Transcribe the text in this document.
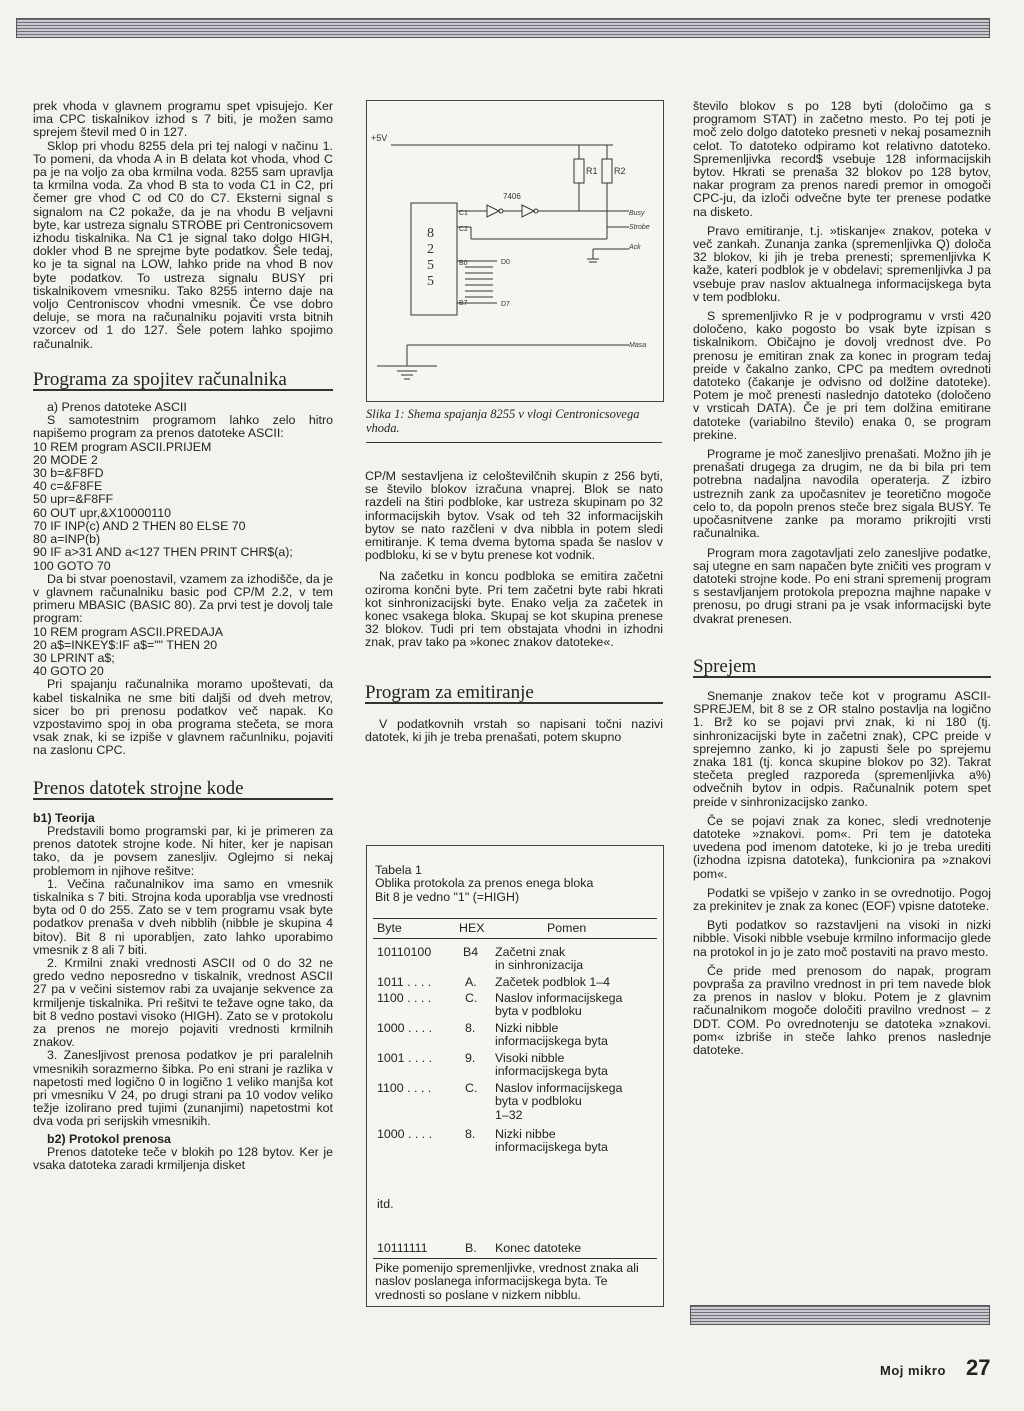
prek vhoda v glavnem programu spet vpisujejo. Ker ima CPC tiskalnikov izhod s 7 biti, je možen samo sprejem števil med 0 in 127.

Sklop pri vhodu 8255 dela pri tej nalogi v načinu 1. To pomeni, da vhoda A in B delata kot vhoda, vhod C pa je na voljo za oba krmilna voda. 8255 sam upravlja ta krmilna voda. Za vhod B sta to voda C1 in C2, pri čemer gre vhod C od C0 do C7. Eksterni signal s signalom na C2 pokaže, da je na vhodu B veljavni byte, kar ustreza signalu STROBE pri Centronicsovem izhodu tiskalnika. Na C1 je signal tako dolgo HIGH, dokler vhod B ne sprejme byte podatkov. Šele tedaj, ko je ta signal na LOW, lahko pride na vhod B nov byte podatkov. To ustreza signalu BUSY pri tiskalnikovem vmesniku. Tako 8255 interno daje na voljo Centroniscov vhodni vmesnik. Če vse dobro deluje, se mora na računalniku pojaviti vrsta bitnih vzorcev od 1 do 127. Šele potem lahko spojimo računalnik.

Programa za spojitev računalnika

a) Prenos datoteke ASCII

S samotestnim programom lahko zelo hitro napišemo program za prenos datoteke ASCII:

10 REM program ASCII.PRIJEM
20 MODE 2
30 b=&F8FD
40 c=&F8FE
50 upr=&F8FF
60 OUT upr,&X10000110
70 IF INP(c) AND 2 THEN 80 ELSE 70
80 a=INP(b)
90 IF a>31 AND a<127 THEN PRINT CHR$(a);
100 GOTO 70

Da bi stvar poenostavil, vzamem za izhodišče, da je v glavnem računalniku basic pod CP/M 2.2, v tem primeru MBASIC (BASIC 80). Za prvi test je dovolj tale program:

10 REM program ASCII.PREDAJA
20 a$=INKEY$:IF a$="" THEN 20
30 LPRINT a$;
40 GOTO 20

Pri spajanju računalnika moramo upoštevati, da kabel tiskalnika ne sme biti daljši od dveh metrov, sicer bo pri prenosu podatkov več napak. Ko vzpostavimo spoj in oba programa stečeta, se mora vsak znak, ki se izpiše v glavnem računlniku, pojaviti na zaslonu CPC.

Prenos datotek strojne kode

b1) Teorija

Predstavili bomo programski par, ki je primeren za prenos datotek strojne kode. Ni hiter, ker je napisan tako, da je povsem zanesljiv. Oglejmo si nekaj problemom in njihove rešitve:

1. Večina računalnikov ima samo en vmesnik tiskalnika s 7 biti. Strojna koda uporablja vse vrednosti byta od 0 do 255. Zato se v tem programu vsak byte podatkov prenaša v dveh nibblih (nibble je skupina 4 bitov). Bit 8 ni uporabljen, zato lahko uporabimo vmesnik z 8 ali 7 biti.

2. Krmilni znaki vrednosti ASCII od 0 do 32 ne gredo vedno neposredno v tiskalnik, vrednost ASCII 27 pa v večini sistemov rabi za uvajanje sekvence za krmiljenje tiskalnika. Pri rešitvi te težave ogne tako, da bit 8 vedno postavi visoko (HIGH). Zato se v protokolu za prenos ne morejo pojaviti vrednosti krmilnih znakov.

3. Zanesljivost prenosa podatkov je pri paralelnih vmesnikih sorazmerno šibka. Po eni strani je razlika v napetosti med logično 0 in logično 1 veliko manjša kot pri vmesniku V 24, po drugi strani pa 10 vodov veliko težje izolirano pred tujimi (zunanjimi) napetostmi kot dva voda pri serijskih vmesnikih.

b2) Protokol prenosa

Prenos datoteke teče v blokih po 128 bytov. Ker je vsaka datoteka zaradi krmiljenja disket

+5V
R1 R2
8
2
5
5
C1
C2
B0
B7
7406
Busy
Strobe
Ack
D0
D7
Masa
Slika 1: Shema spajanja 8255 v vlogi Centronicsovega vhoda.

CP/M sestavljena iz celoštevilčnih skupin z 256 byti, se število blokov izračuna vnaprej. Blok se nato razdeli na štiri podbloke, kar ustreza skupinam po 32 informacijskih bytov. Vsak od teh 32 informacijskih bytov se nato razčleni v dva nibbla in potem sledi emitiranje. K tema dvema bytoma spada še naslov v podbloku, ki se v bytu prenese kot vodnik.

Na začetku in koncu podbloka se emitira začetni oziroma končni byte. Pri tem začetni byte rabi hkrati kot sinhronizacijski byte. Enako velja za začetek in konec vsakega bloka. Skupaj se kot skupina prenese 32 blokov. Tudi pri tem obstajata vhodni in izhodni znak, prav tako pa »konec znakov datoteke«.

Program za emitiranje

V podatkovnih vrstah so napisani točni nazivi datotek, ki jih je treba prenašati, potem skupno

Tabela 1
Oblika protokola za prenos enega bloka
Bit 8 je vedno "1" (=HIGH)
Byte	HEX	Pomen
10110100	B4 Začetni znak
in sinhronizacija
1011 . . . .	A. Začetek podblok 1–4
1100 . . . .	C. Naslov informacijskega
byta v podbloku
1000 . . . .	8. Nizki nibble
informacijskega byta
1001 . . . .	9. Visoki nibble
informacijskega byta
1100 . . . .	C. Naslov informacijskega
byta v podbloku
1–32
1000 . . . .	8. Nizki nibbe
informacijskega byta
itd.
10111111	B. Konec datoteke
Pike pomenijo spremenljivke, vrednost znaka ali naslov poslanega informacijskega byta. Te vrednosti so poslane v nizkem nibblu.

število blokov s po 128 byti (določimo ga s programom STAT) in začetno mesto. Po tej poti je moč zelo dolgo datoteko presneti v nekaj posameznih celot. To datoteko odpiramo kot relativno datoteko. Spremenljivka record$ vsebuje 128 informacijskih bytov. Hkrati se prenaša 32 blokov po 128 bytov, nakar program za prenos naredi premor in omogoči CPC-ju, da izloči odvečne byte ter prenese podatke na disketo.

Pravo emitiranje, t.j. »tiskanje« znakov, poteka v več zankah. Zunanja zanka (spremenljivka Q) določa 32 blokov, ki jih je treba prenesti; spremenljivka K kaže, kateri podblok je v obdelavi; spremenljivka J pa vsebuje prav naslov aktualnega informacijskega byta v tem podbloku.

S spremenljivko R je v podprogramu v vrsti 420 določeno, kako pogosto bo vsak byte izpisan s tiskalnikom. Običajno je dovolj vrednost dve. Po prenosu je emitiran znak za konec in program tedaj preide v čakalno zanko, CPC pa medtem ovrednoti datoteko (čakanje je odvisno od dolžine datoteke). Potem je moč prenesti naslednjo datoteko (določeno v vrsticah DATA). Če je pri tem dolžina emitirane datoteke (variabilno število) enaka 0, se program prekine.

Programe je moč zanesljivo prenašati. Možno jih je prenašati drugega za drugim, ne da bi bila pri tem potrebna nadaljna navodila operaterja. Z izbiro ustreznih zank za upočasnitev je teoretično mogoče celo to, da popoln prenos steče brez sigala BUSY. Te upočasnitvene zanke pa moramo prikrojiti vrsti računalnika.

Program mora zagotavljati zelo zanesljive podatke, saj utegne en sam napačen byte zničiti ves program v datoteki strojne kode. Po eni strani spremenij program s sestavljanjem protokola prepozna majhne napake v prenosu, po drugi strani pa je vsak informacijski byte dvakrat prenesen.

Sprejem

Snemanje znakov teče kot v programu ASCII-SPREJEM, bit 8 se z OR stalno postavlja na logično 1. Brž ko se pojavi prvi znak, ki ni 180 (tj. sinhronizacijski byte in začetni znak), CPC preide v sprejemno zanko, ki jo zapusti šele po sprejemu znaka 181 (tj. konca skupine blokov po 32). Takrat stečeta pregled razporeda (spremenljivka a%) odvečnih bytov in odpis. Računalnik potem spet preide v sinhronizacijsko zanko.

Če se pojavi znak za konec, sledi vrednotenje datoteke »znakovi. pom«. Pri tem je datoteka uvedena pod imenom datoteke, ki jo je treba urediti (izhodna izpisna datoteka), funkcionira pa »znakovi pom«.

Podatki se vpišejo v zanko in se ovrednotijo. Pogoj za prekinitev je znak za konec (EOF) vpisne datoteke.

Byti podatkov so razstavljeni na visoki in nizki nibble. Visoki nibble vsebuje krmilno informacijo glede na protokol in jo je zato moč postaviti na pravo mesto.

Če pride med prenosom do napak, program povpraša za pravilno vrednost in pri tem navede blok za prenos in naslov v bloku. Potem je z glavnim računalnikom mogoče določiti pravilno vrednost – z DDT. COM. Po ovrednotenju se datoteka »znakovi. pom« izbriše in steče lahko prenos naslednje datoteke.

Moj mikro 27
